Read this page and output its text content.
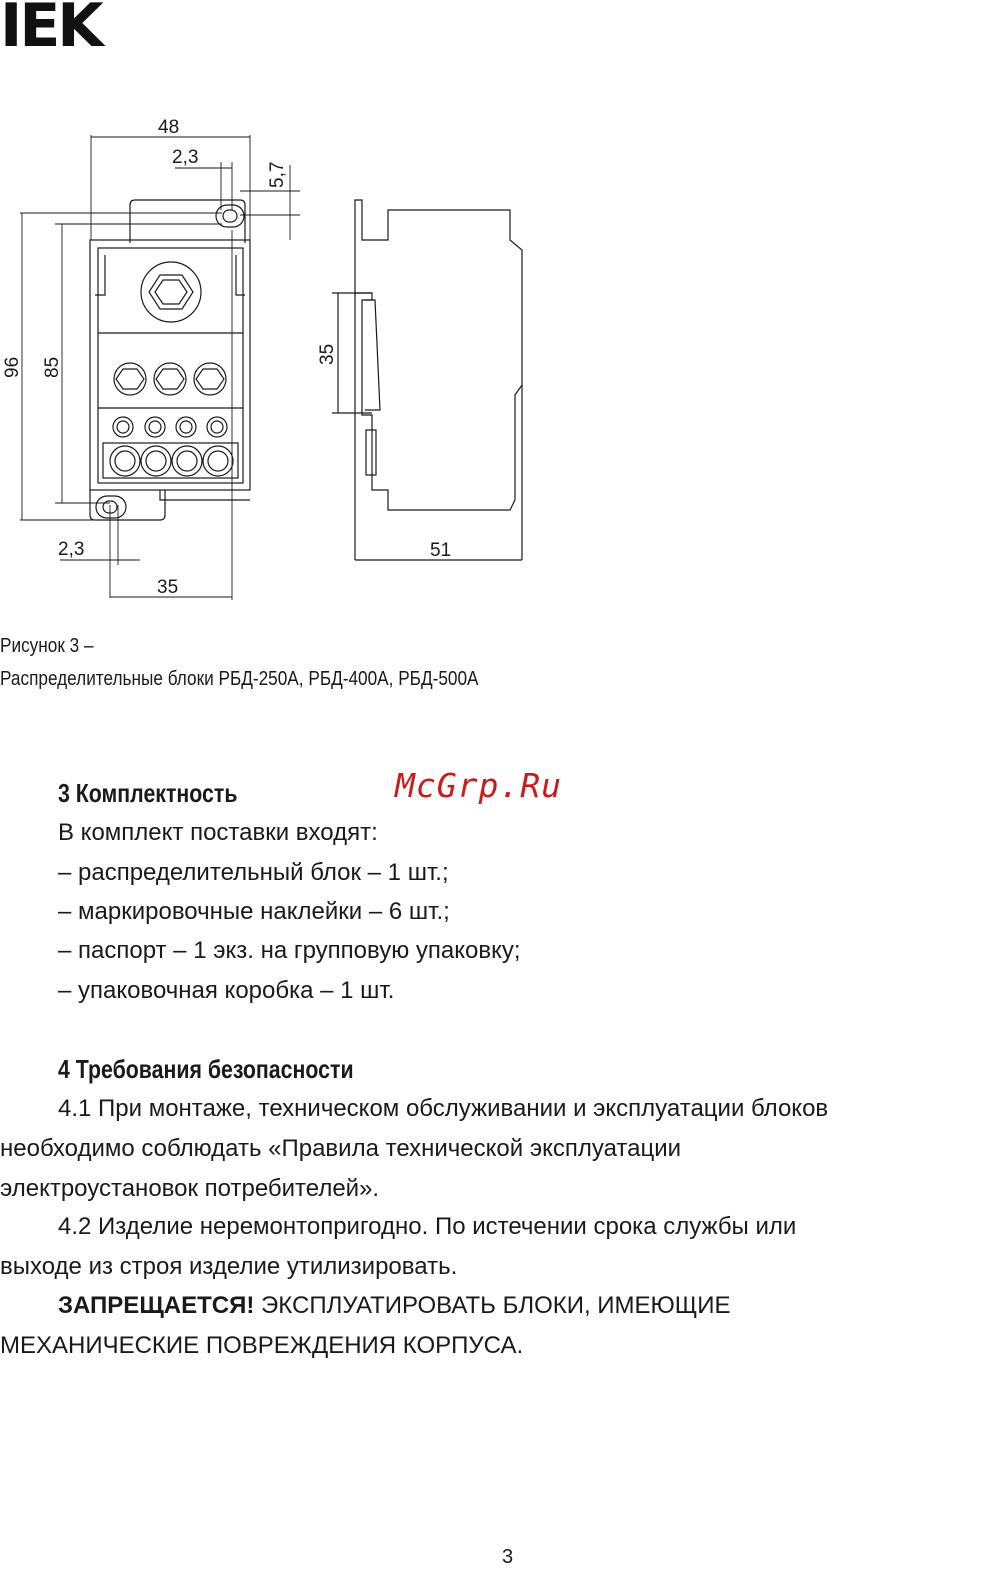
IEK
48
2,3
5,7
96 85
2,3
35
35
51
Рисунок 3 –
Распределительные блоки РБД-250А, РБД-400А, РБД-500А
McGrp.Ru
3 Комплектность
В комплект поставки входят:
– распределительный блок – 1 шт.;
– маркировочные наклейки – 6 шт.;
– паспорт – 1 экз. на групповую упаковку;
– упаковочная коробка – 1 шт.
4 Требования безопасности
4.1 При монтаже, техническом обслуживании и эксплуатации блоков
необходимо соблюдать «Правила технической эксплуатации
электроустановок потребителей».
4.2 Изделие неремонтопригодно. По истечении срока службы или
выходе из строя изделие утилизировать.
ЗАПРЕЩАЕТСЯ! ЭКСПЛУАТИРОВАТЬ БЛОКИ, ИМЕЮЩИЕ
МЕХАНИЧЕСКИЕ ПОВРЕЖДЕНИЯ КОРПУСА.
3
